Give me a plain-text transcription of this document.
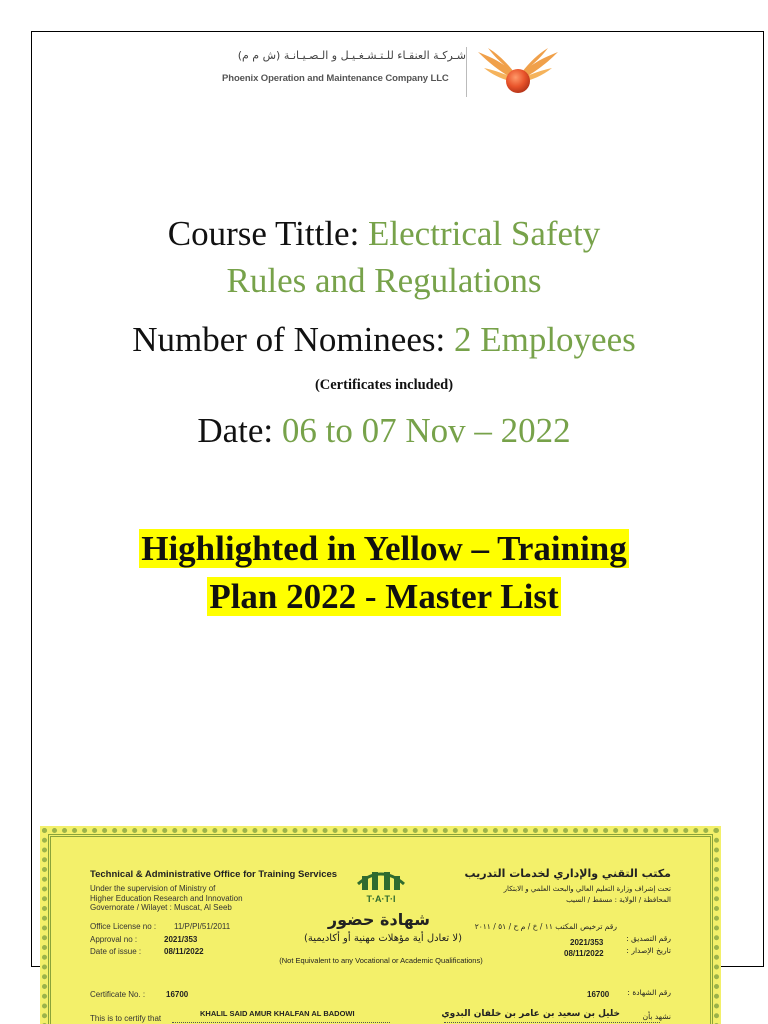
شـركـة العنقـاء للـتـشـغـيـل و الـصـيـانـة (ش م م)
Phoenix Operation and Maintenance Company LLC
Course Tittle: Electrical Safety
Rules and Regulations
Number of Nominees: 2 Employees
(Certificates included)
Date: 06 to 07 Nov – 2022
Highlighted in Yellow – Training
Plan 2022 - Master List
Technical & Administrative Office for Training Services
Under the supervision of Ministry of
Higher Education Research and Innovation
Governorate / Wilayet : Muscat, Al Seeb
Office License no : 11/P/PI/51/2011
Approval no :	2021/353
Date of issue :	08/11/2022
T·A·T·I
شهادة حضور
(لا تعادل أية مؤهلات مهنية أو أكاديمية)
(Not Equivalent to any Vocational or Academic Qualifications)
مكتب التقني والإداري لخدمات التدريب
تحت إشراف وزارة التعليم العالي والبحث العلمي و الابتكار
المحافظة / الولاية : مسقط / السيب
رقم ترخيص المكتب ١١ / خ / م ح / ٥١ / ٢٠١١
رقم التصديق :
2021/353
تاريخ الإصدار :
08/11/2022
Certificate No. :	16700	16700 رقم الشهادة :
This is to certify that
KHALIL SAID AMUR KHALFAN AL BADOWI	خليل بن سعيد بن عامر بن خلفان البدوي	نشهد بأن
